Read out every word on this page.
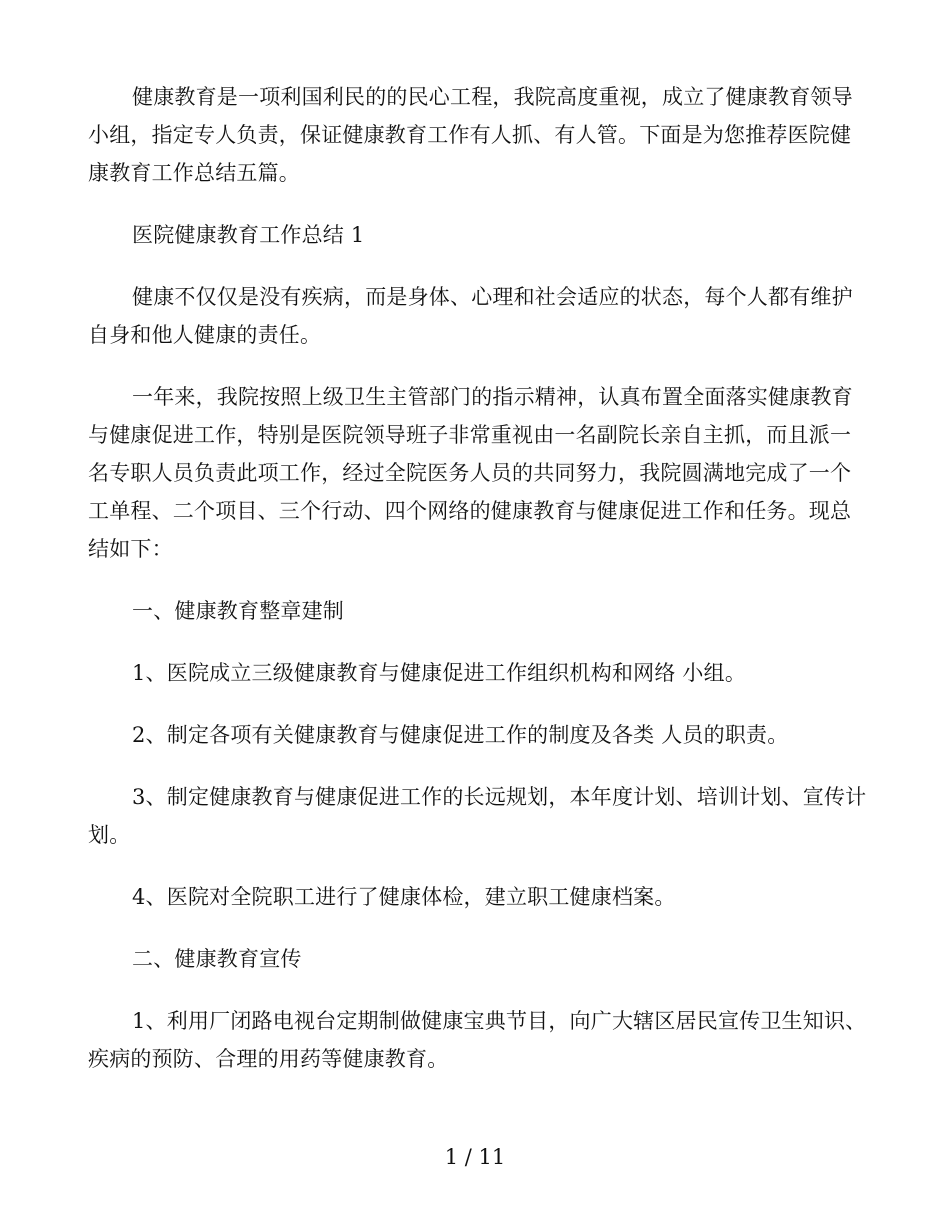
健康教育是一项利国利民的的民心工程，我院高度重视，成立了健康教育领导小组，指定专人负责，保证健康教育工作有人抓、有人管。下面是为您推荐医院健康教育工作总结五篇。

医院健康教育工作总结 1

健康不仅仅是没有疾病，而是身体、心理和社会适应的状态，每个人都有维护自身和他人健康的责任。

一年来，我院按照上级卫生主管部门的指示精神，认真布置全面落实健康教育与健康促进工作，特别是医院领导班子非常重视由一名副院长亲自主抓，而且派一名专职人员负责此项工作，经过全院医务人员的共同努力，我院圆满地完成了一个工单程、二个项目、三个行动、四个网络的健康教育与健康促进工作和任务。现总结如下：

一、健康教育整章建制

1、医院成立三级健康教育与健康促进工作组织机构和网络 小组。

2、制定各项有关健康教育与健康促进工作的制度及各类 人员的职责。

3、制定健康教育与健康促进工作的长远规划，本年度计划、培训计划、宣传计划。

4、医院对全院职工进行了健康体检，建立职工健康档案。

二、健康教育宣传

1、利用厂闭路电视台定期制做健康宝典节目，向广大辖区居民宣传卫生知识、疾病的预防、合理的用药等健康教育。

1 / 11
